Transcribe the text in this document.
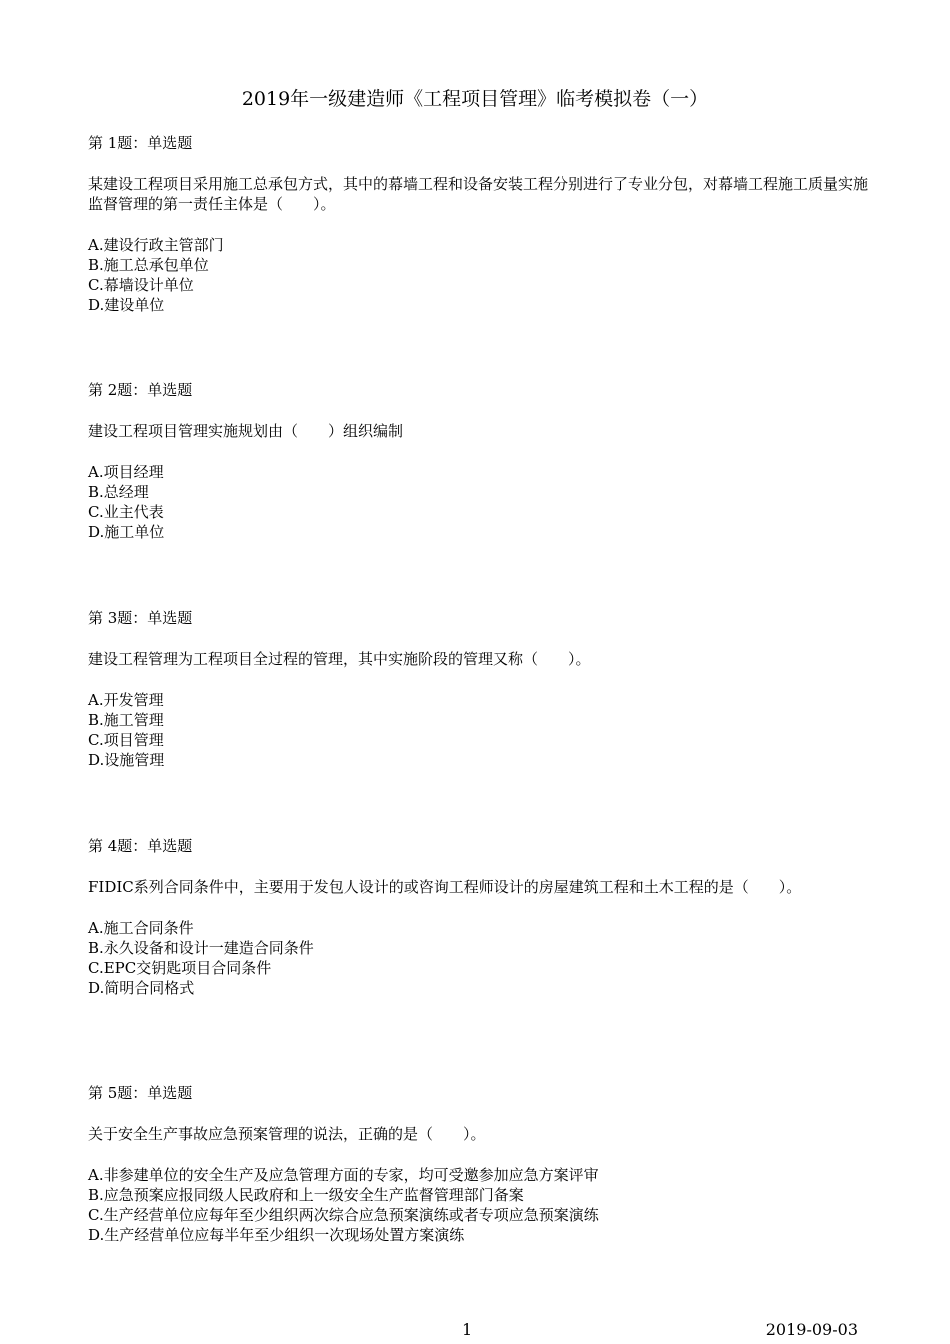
2019年一级建造师《工程项目管理》临考模拟卷（一）

第 1题：单选题

某建设工程项目采用施工总承包方式，其中的幕墙工程和设备安装工程分别进行了专业分包，对幕墙工程施工质量实施监督管理的第一责任主体是（　　）。

A.建设行政主管部门
B.施工总承包单位
C.幕墙设计单位
D.建设单位

第 2题：单选题

建设工程项目管理实施规划由（　　）组织编制

A.项目经理
B.总经理
C.业主代表
D.施工单位

第 3题：单选题

建设工程管理为工程项目全过程的管理，其中实施阶段的管理又称（　　）。

A.开发管理
B.施工管理
C.项目管理
D.设施管理

第 4题：单选题

FIDIC系列合同条件中，主要用于发包人设计的或咨询工程师设计的房屋建筑工程和土木工程的是（　　）。

A.施工合同条件
B.永久设备和设计一建造合同条件
C.EPC交钥匙项目合同条件
D.简明合同格式

第 5题：单选题

关于安全生产事故应急预案管理的说法，正确的是（　　）。

A.非参建单位的安全生产及应急管理方面的专家，均可受邀参加应急方案评审
B.应急预案应报同级人民政府和上一级安全生产监督管理部门备案
C.生产经营单位应每年至少组织两次综合应急预案演练或者专项应急预案演练
D.生产经营单位应每半年至少组织一次现场处置方案演练
1	2019-09-03
